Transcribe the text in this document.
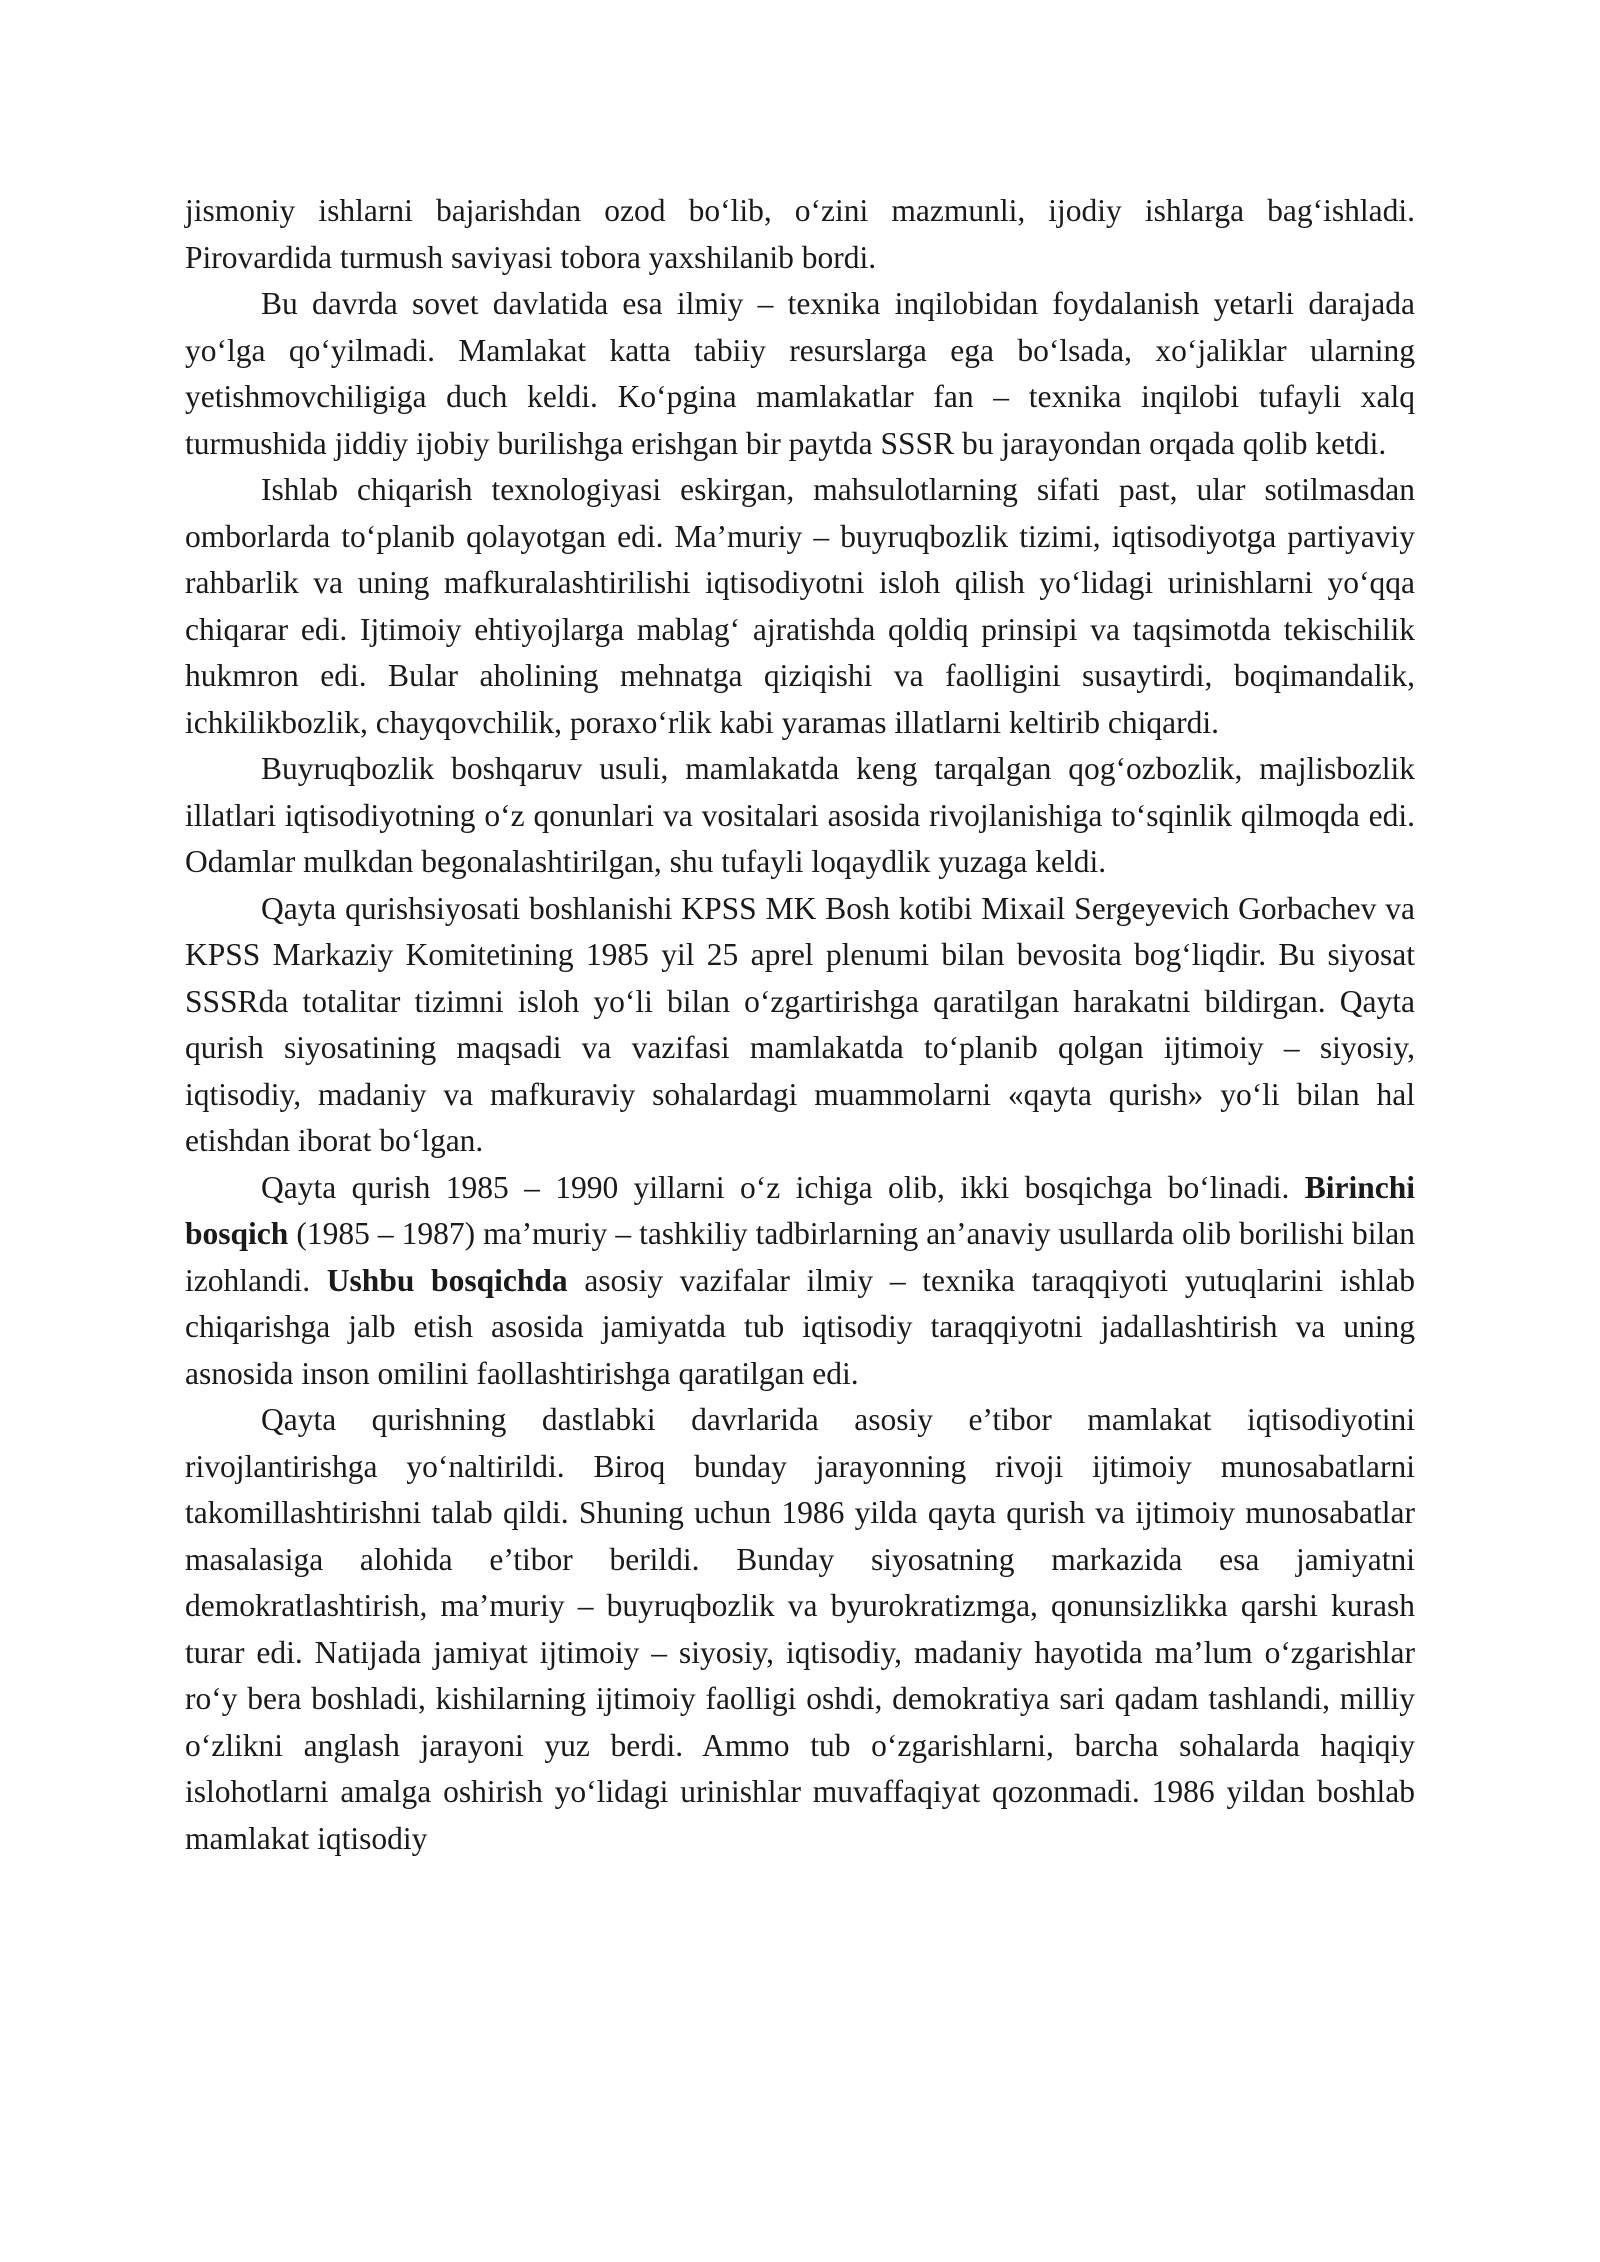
jismoniy ishlarni bajarishdan ozod bo‘lib, o‘zini mazmunli, ijodiy ishlarga bag‘ishladi. Pirovardida turmush saviyasi tobora yaxshilanib bordi.

Bu davrda sovet davlatida esa ilmiy – texnika inqilobidan foydalanish yetarli darajada yo‘lga qo‘yilmadi. Mamlakat katta tabiiy resurslarga ega bo‘lsada, xo‘jaliklar ularning yetishmovchiligiga duch keldi. Ko‘pgina mamlakatlar fan – texnika inqilobi tufayli xalq turmushida jiddiy ijobiy burilishga erishgan bir paytda SSSR bu jarayondan orqada qolib ketdi.

Ishlab chiqarish texnologiyasi eskirgan, mahsulotlarning sifati past, ular sotilmasdan omborlarda to‘planib qolayotgan edi. Ma’muriy – buyruqbozlik tizimi, iqtisodiyotga partiyaviy rahbarlik va uning mafkuralashtirilishi iqtisodiyotni isloh qilish yo‘lidagi urinishlarni yo‘qqa chiqarar edi. Ijtimoiy ehtiyojlarga mablag‘ ajratishda qoldiq prinsipi va taqsimotda tekischilik hukmron edi. Bular aholining mehnatga qiziqishi va faolligini susaytirdi, boqimandalik, ichkilikbozlik, chayqovchilik, poraxo‘rlik kabi yaramas illatlarni keltirib chiqardi.

Buyruqbozlik boshqaruv usuli, mamlakatda keng tarqalgan qog‘ozbozlik, majlisbozlik illatlari iqtisodiyotning o‘z qonunlari va vositalari asosida rivojlanishiga to‘sqinlik qilmoqda edi. Odamlar mulkdan begonalashtirilgan, shu tufayli loqaydlik yuzaga keldi.

Qayta qurishsiyosati boshlanishi KPSS MK Bosh kotibi Mixail Sergeyevich Gorbachev va KPSS Markaziy Komitetining 1985 yil 25 aprel plenumi bilan bevosita bog‘liqdir. Bu siyosat SSSRda totalitar tizimni isloh yo‘li bilan o‘zgartirishga qaratilgan harakatni bildirgan. Qayta qurish siyosatining maqsadi va vazifasi mamlakatda to‘planib qolgan ijtimoiy – siyosiy, iqtisodiy, madaniy va mafkuraviy sohalardagi muammolarni «qayta qurish» yo‘li bilan hal etishdan iborat bo‘lgan.

Qayta qurish 1985 – 1990 yillarni o‘z ichiga olib, ikki bosqichga bo‘linadi. Birinchi bosqich (1985 – 1987) ma’muriy – tashkiliy tadbirlarning an’anaviy usullarda olib borilishi bilan izohlandi. Ushbu bosqichda asosiy vazifalar ilmiy – texnika taraqqiyoti yutuqlarini ishlab chiqarishga jalb etish asosida jamiyatda tub iqtisodiy taraqqiyotni jadallashtirish va uning asnosida inson omilini faollashtirishga qaratilgan edi.

Qayta qurishning dastlabki davrlarida asosiy e’tibor mamlakat iqtisodiyotini rivojlantirishga yo‘naltirildi. Biroq bunday jarayonning rivoji ijtimoiy munosabatlarni takomillashtirishni talab qildi. Shuning uchun 1986 yilda qayta qurish va ijtimoiy munosabatlar masalasiga alohida e’tibor berildi. Bunday siyosatning markazida esa jamiyatni demokratlashtirish, ma’muriy – buyruqbozlik va byurokratizmga, qonunsizlikka qarshi kurash turar edi. Natijada jamiyat ijtimoiy – siyosiy, iqtisodiy, madaniy hayotida ma’lum o‘zgarishlar ro‘y bera boshladi, kishilarning ijtimoiy faolligi oshdi, demokratiya sari qadam tashlandi, milliy o‘zlikni anglash jarayoni yuz berdi. Ammo tub o‘zgarishlarni, barcha sohalarda haqiqiy islohotlarni amalga oshirish yo‘lidagi urinishlar muvaffaqiyat qozonmadi. 1986 yildan boshlab mamlakat iqtisodiy
